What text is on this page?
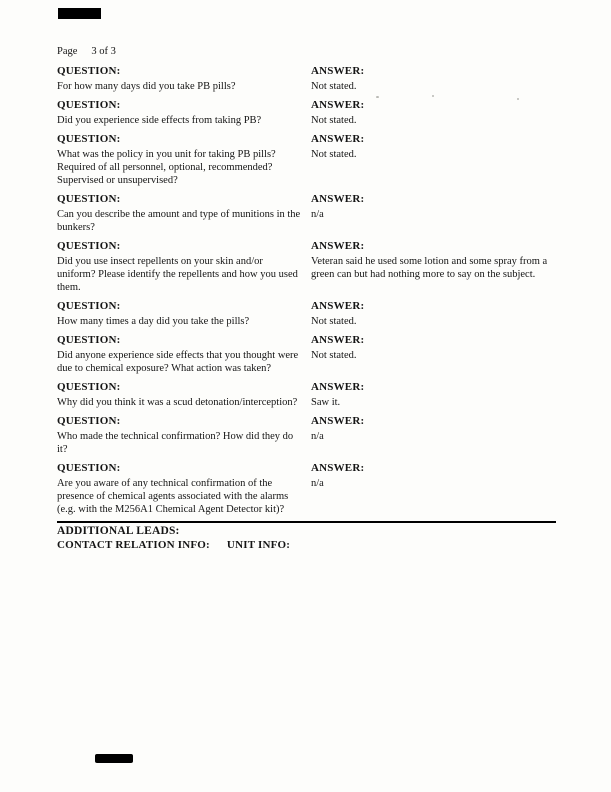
Page 3 of 3
QUESTION:
For how many days did you take PB pills?
ANSWER:
Not stated.
QUESTION:
Did you experience side effects from taking PB?
ANSWER:
Not stated.
QUESTION:
What was the policy in you unit for taking PB pills? Required of all personnel, optional, recommended? Supervised or unsupervised?
ANSWER:
Not stated.
QUESTION:
Can you describe the amount and type of munitions in the bunkers?
ANSWER:
n/a
QUESTION:
Did you use insect repellents on your skin and/or uniform? Please identify the repellents and how you used them.
ANSWER:
Veteran said he used some lotion and some spray from a green can but had nothing more to say on the subject.
QUESTION:
How many times a day did you take the pills?
ANSWER:
Not stated.
QUESTION:
Did anyone experience side effects that you thought were due to chemical exposure? What action was taken?
ANSWER:
Not stated.
QUESTION:
Why did you think it was a scud detonation/interception?
ANSWER:
Saw it.
QUESTION:
Who made the technical confirmation? How did they do it?
ANSWER:
n/a
QUESTION:
Are you aware of any technical confirmation of the presence of chemical agents associated with the alarms (e.g. with the M256A1 Chemical Agent Detector kit)?
ANSWER:
n/a
ADDITIONAL LEADS:
CONTACT RELATION INFO: UNIT INFO:
